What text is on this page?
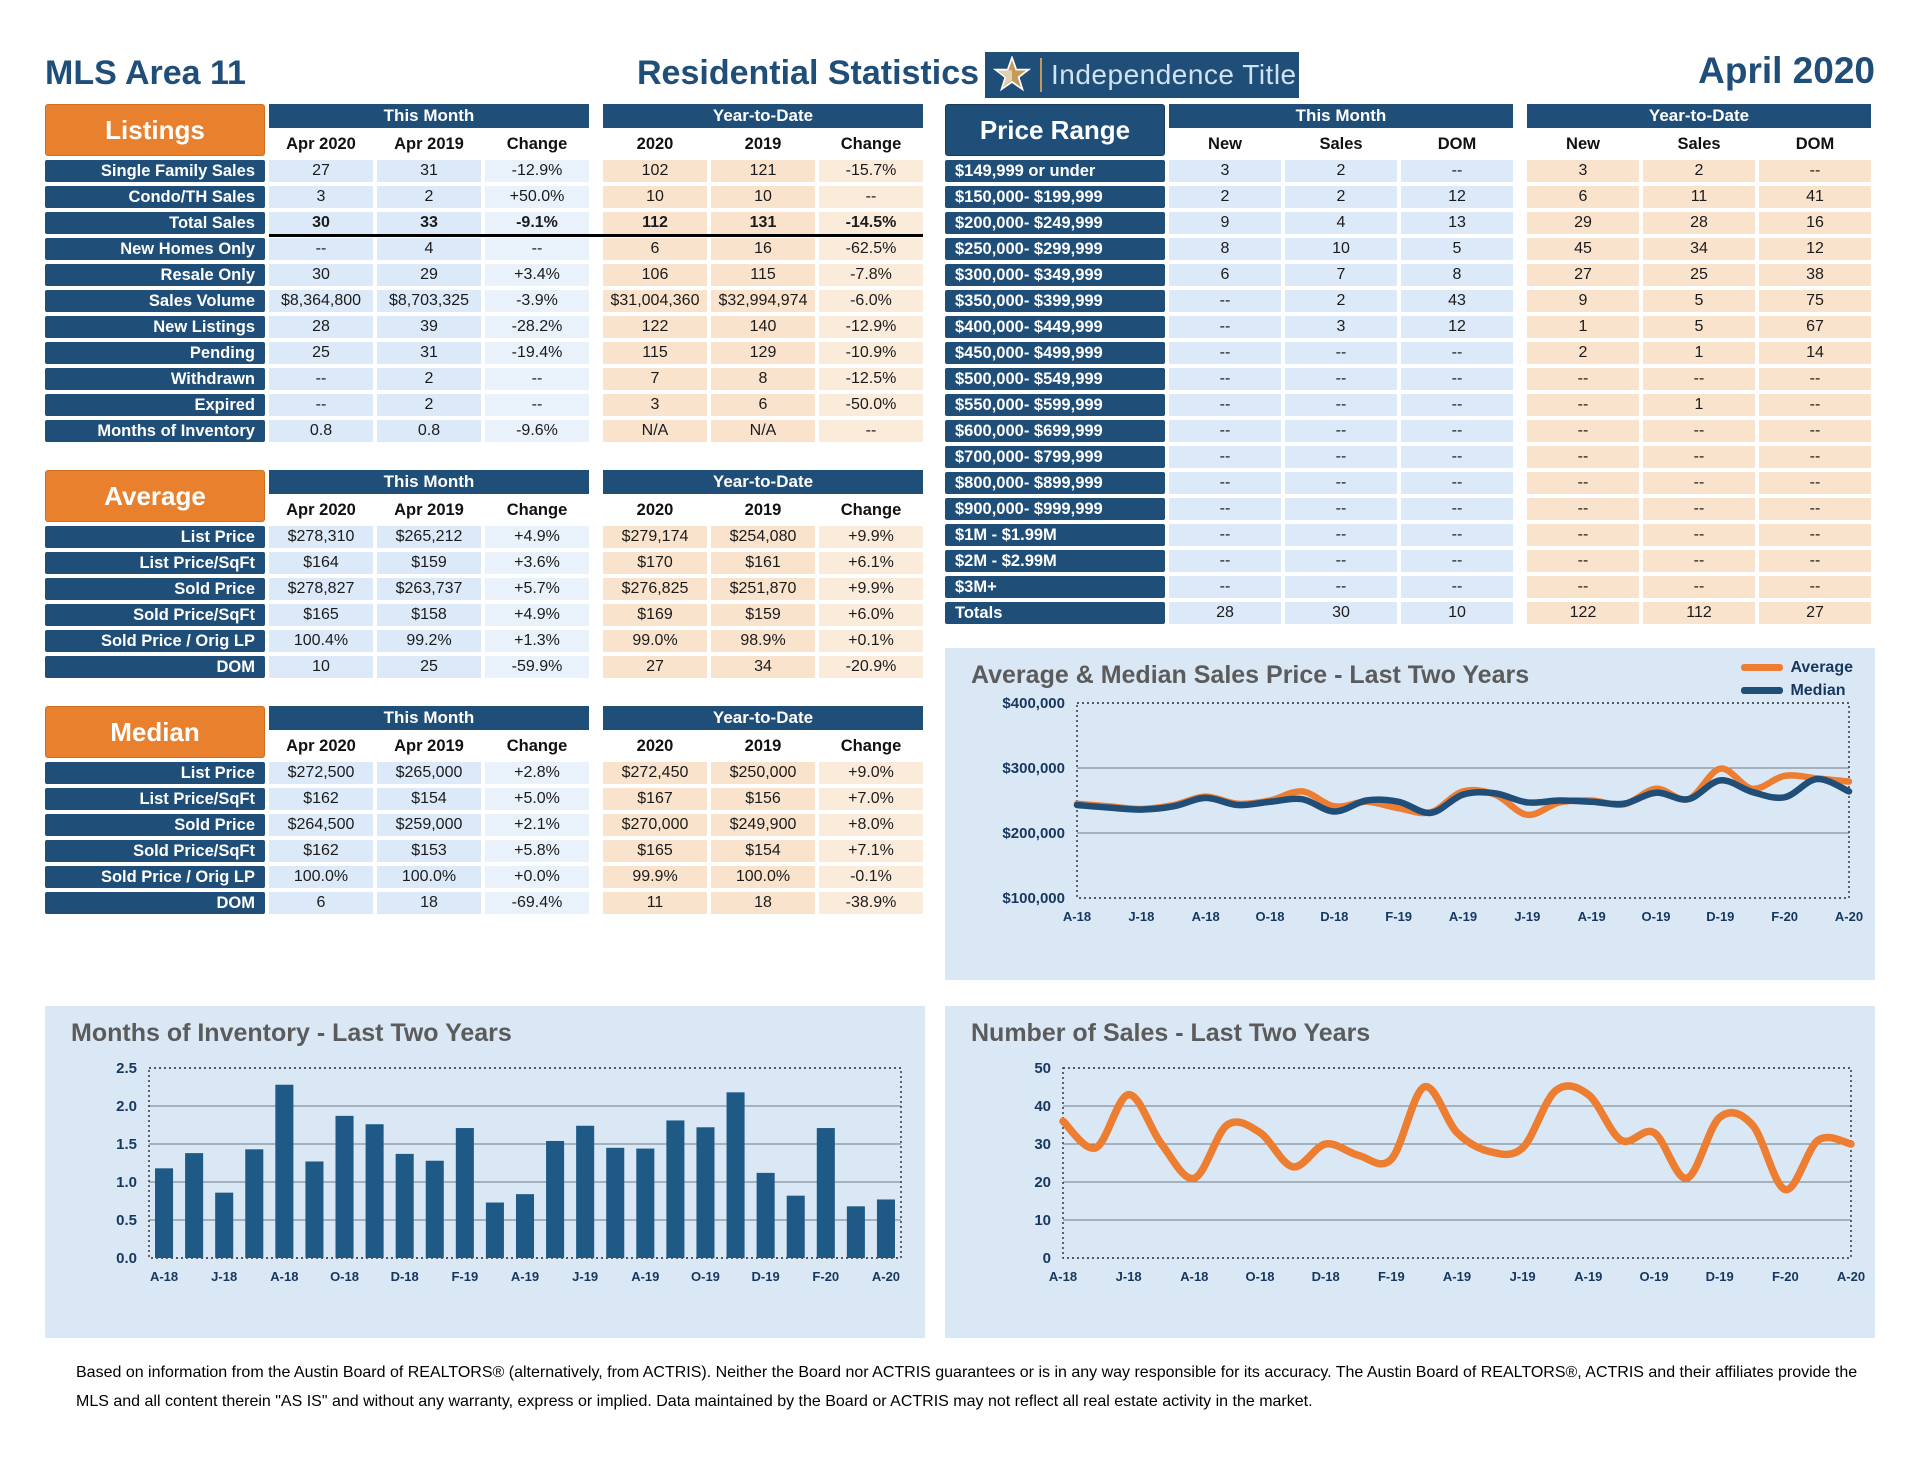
MLS Area 11	Residential Statistics	Independence Title	April 2020
Listings	This Month	Year-to-Date
Apr 2020	Apr 2019	Change	2020	2019	Change
Single Family Sales	27	31	-12.9%	102	121	-15.7%
Condo/TH Sales	3	2	+50.0%	10	10	--
Total Sales	30	33	-9.1%	112	131	-14.5%
New Homes Only	--	4	--	6	16	-62.5%
Resale Only	30	29	+3.4%	106	115	-7.8%
Sales Volume	$8,364,800	$8,703,325	-3.9%	$31,004,360	$32,994,974	-6.0%
New Listings	28	39	-28.2%	122	140	-12.9%
Pending	25	31	-19.4%	115	129	-10.9%
Withdrawn	--	2	--	7	8	-12.5%
Expired	--	2	--	3	6	-50.0%
Months of Inventory	0.8	0.8	-9.6%	N/A	N/A	--
Average	This Month	Year-to-Date
Apr 2020	Apr 2019	Change	2020	2019	Change
List Price	$278,310	$265,212	+4.9%	$279,174	$254,080	+9.9%
List Price/SqFt	$164	$159	+3.6%	$170	$161	+6.1%
Sold Price	$278,827	$263,737	+5.7%	$276,825	$251,870	+9.9%
Sold Price/SqFt	$165	$158	+4.9%	$169	$159	+6.0%
Sold Price / Orig LP	100.4%	99.2%	+1.3%	99.0%	98.9%	+0.1%
DOM	10	25	-59.9%	27	34	-20.9%
Median	This Month	Year-to-Date
Apr 2020	Apr 2019	Change	2020	2019	Change
List Price	$272,500	$265,000	+2.8%	$272,450	$250,000	+9.0%
List Price/SqFt	$162	$154	+5.0%	$167	$156	+7.0%
Sold Price	$264,500	$259,000	+2.1%	$270,000	$249,900	+8.0%
Sold Price/SqFt	$162	$153	+5.8%	$165	$154	+7.1%
Sold Price / Orig LP	100.0%	100.0%	+0.0%	99.9%	100.0%	-0.1%
DOM	6	18	-69.4%	11	18	-38.9%
Price Range	This Month	Year-to-Date
New	Sales	DOM	New	Sales	DOM
$149,999 or under	3	2	--	3	2	--
$150,000- $199,999	2	2	12	6	11	41
$200,000- $249,999	9	4	13	29	28	16
$250,000- $299,999	8	10	5	45	34	12
$300,000- $349,999	6	7	8	27	25	38
$350,000- $399,999	--	2	43	9	5	75
$400,000- $449,999	--	3	12	1	5	67
$450,000- $499,999	--	--	--	2	1	14
$500,000- $549,999	--	--	--	--	--	--
$550,000- $599,999	--	--	--	--	1	--
$600,000- $699,999	--	--	--	--	--	--
$700,000- $799,999	--	--	--	--	--	--
$800,000- $899,999	--	--	--	--	--	--
$900,000- $999,999	--	--	--	--	--	--
$1M - $1.99M	--	--	--	--	--	--
$2M - $2.99M	--	--	--	--	--	--
$3M+	--	--	--	--	--	--
Totals	28	30	10	122	112	27
Average & Median Sales Price - Last Two Years	Average
Median
$400,000
$300,000
$200,000
$100,000
A-18	J-18	A-18	O-18	D-18	F-19	A-19	J-19	A-19	O-19	D-19	F-20	A-20
Months of Inventory - Last Two Years
2.5
2.0
1.5
1.0
0.5
0.0
A-18	J-18	A-18 O-18 D-18	F-19	A-19	J-19	A-19 O-19 D-19	F-20	A-20
Number of Sales - Last Two Years
50
40
30
20
10
0
A-18	J-18	A-18	O-18	D-18	F-19	A-19	J-19	A-19	O-19	D-19	F-20	A-20
Based on information from the Austin Board of REALTORS® (alternatively, from ACTRIS). Neither the Board nor ACTRIS guarantees or is in any way responsible for its accuracy. The Austin Board of REALTORS®, ACTRIS and their affiliates provide the
MLS and all content therein "AS IS" and without any warranty, express or implied. Data maintained by the Board or ACTRIS may not reflect all real estate activity in the market.
